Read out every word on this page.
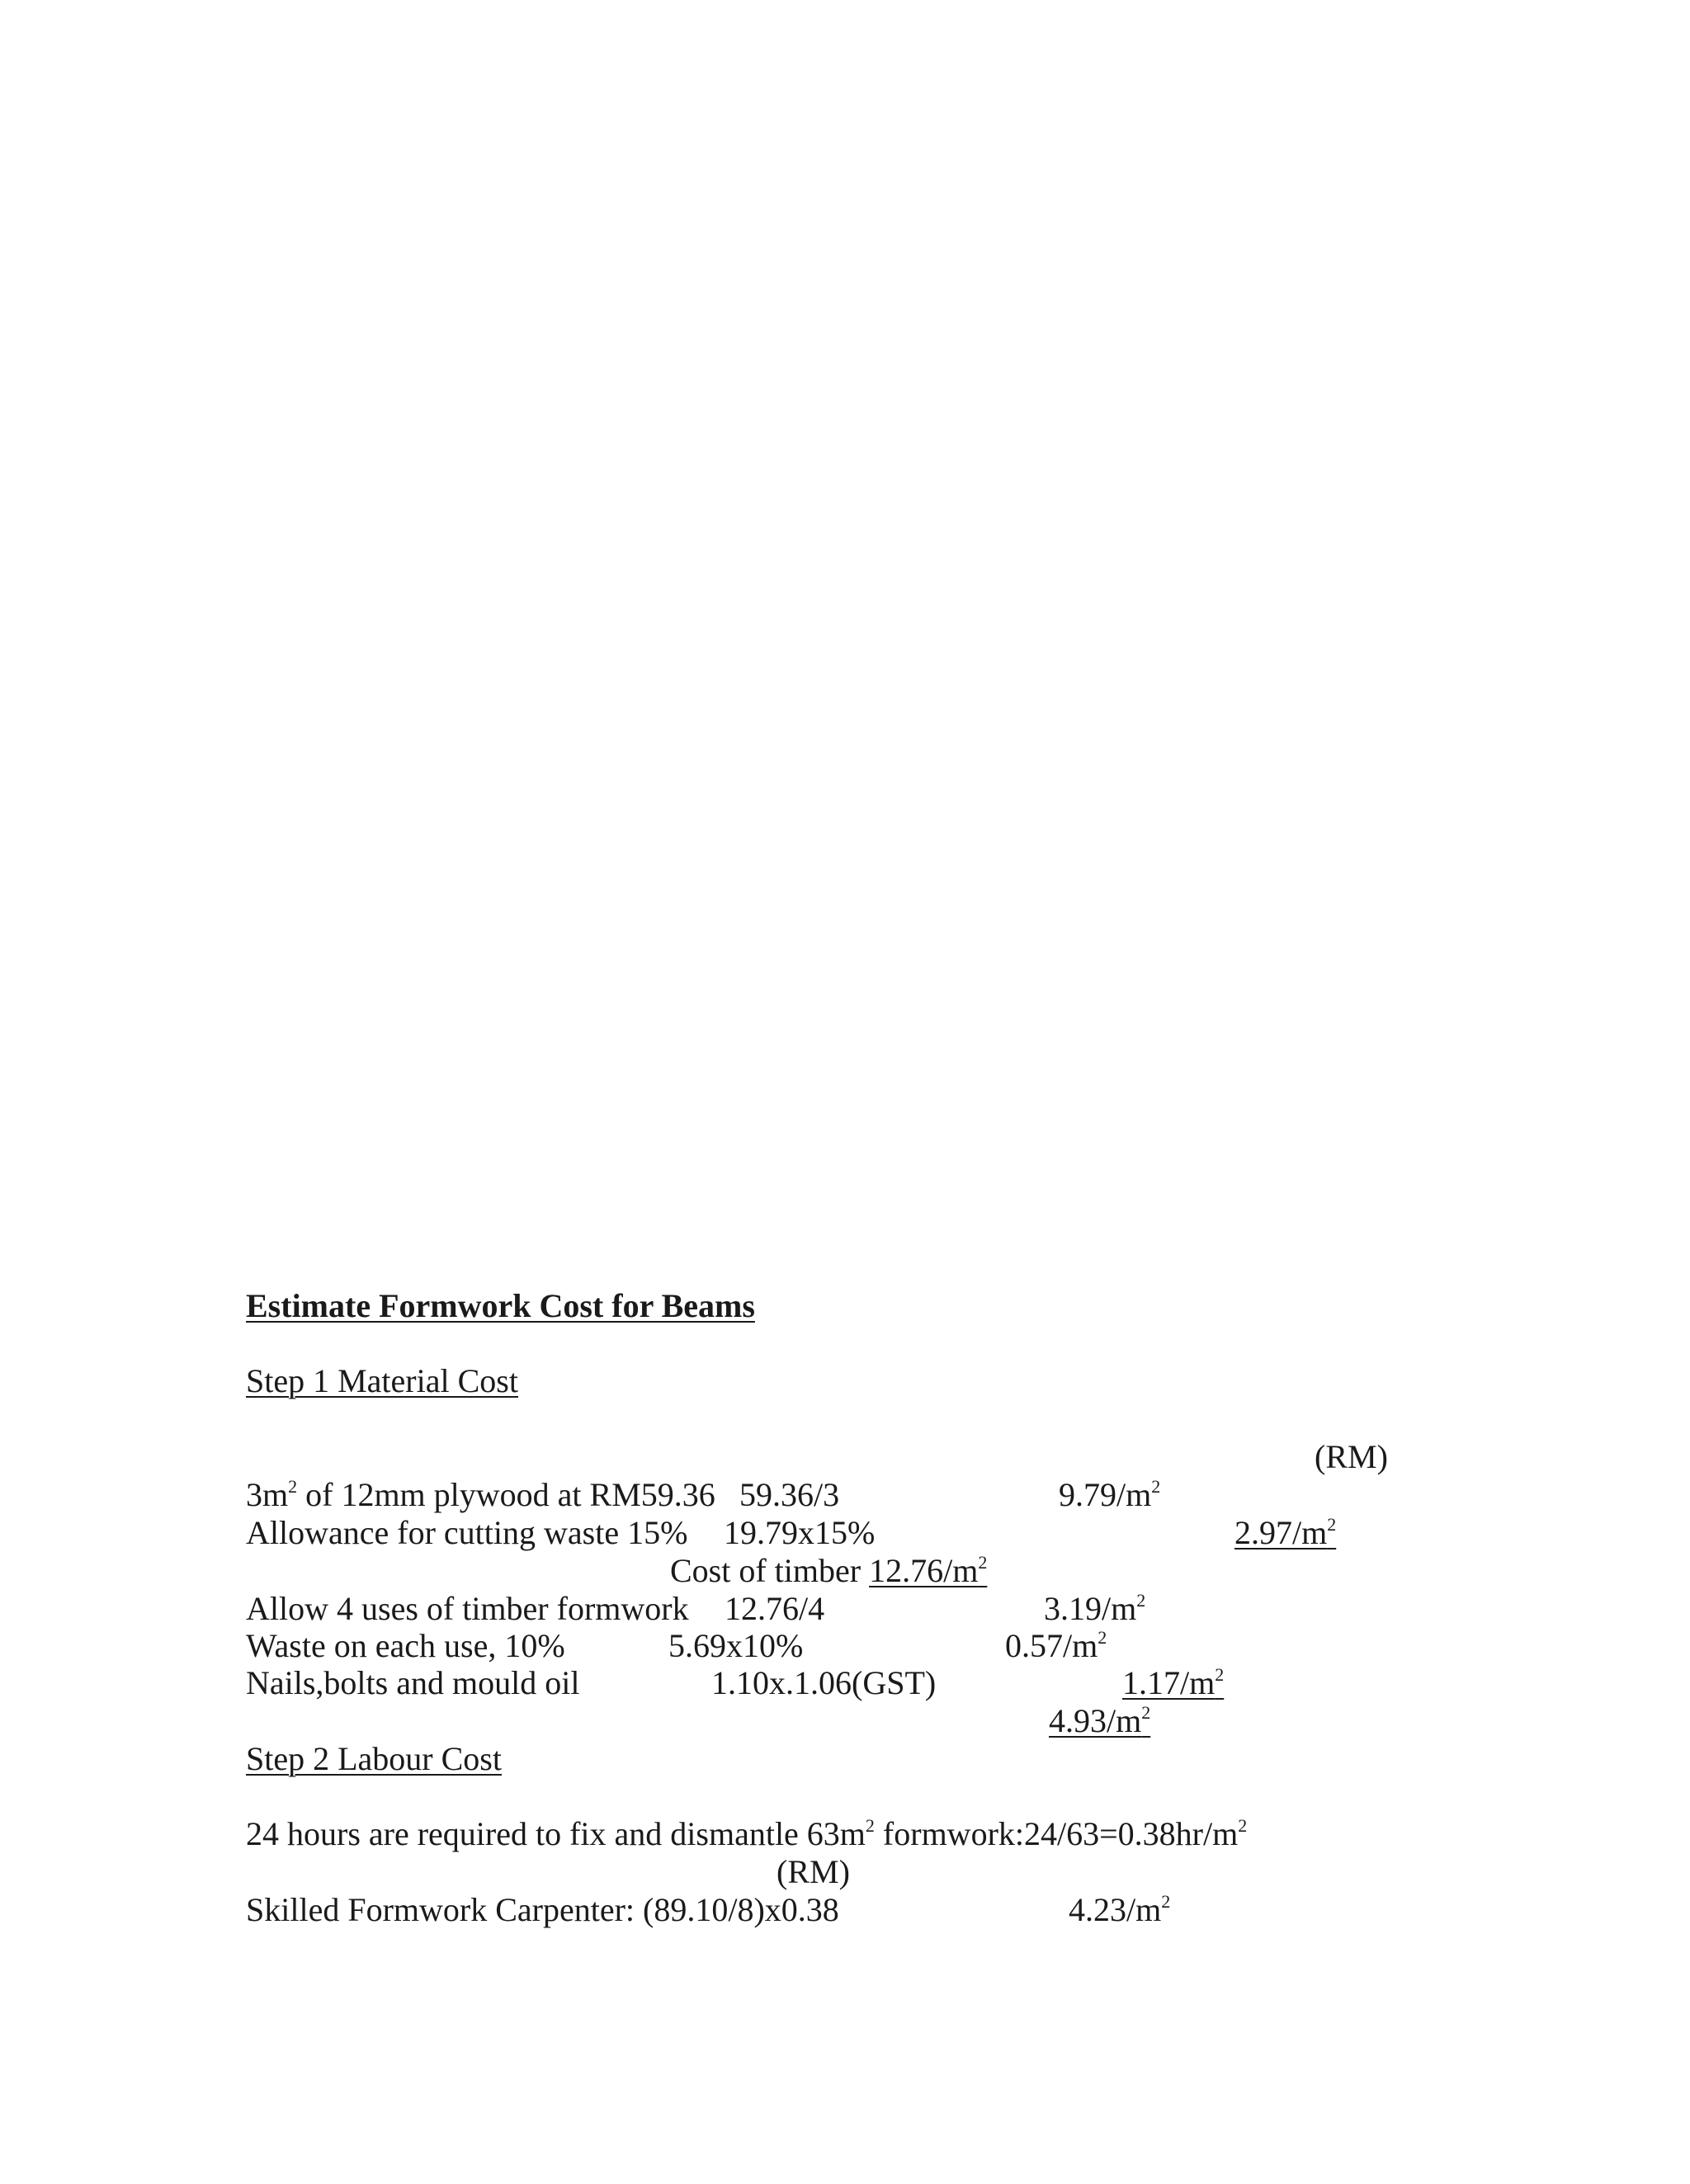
Estimate Formwork Cost for Beams
Step 1 Material Cost
(RM)
$3m^2$ of 12mm plywood at RM59.36 59.36/3	$9.79/m^2$
Allowance for cutting waste 15% 19.79x15%	$2.97/m^2$
Cost of timber $12.76/m^2$
Allow 4 uses of timber formwork 12.76/4	$3.19/m^2$
Waste on each use, 10%	5.69x10%	$0.57/m^2$
Nails,bolts and mould oil	1.10x.1.06(GST)	$1.17/m^2$
$4.93/m^2$
Step 2 Labour Cost
24 hours are required to fix and dismantle $63m^2$ $formwork:24/63=0.38hr/m^2$
(RM)
Skilled Formwork Carpenter: (89.10/8)x0.38	$4.23/m^2$
